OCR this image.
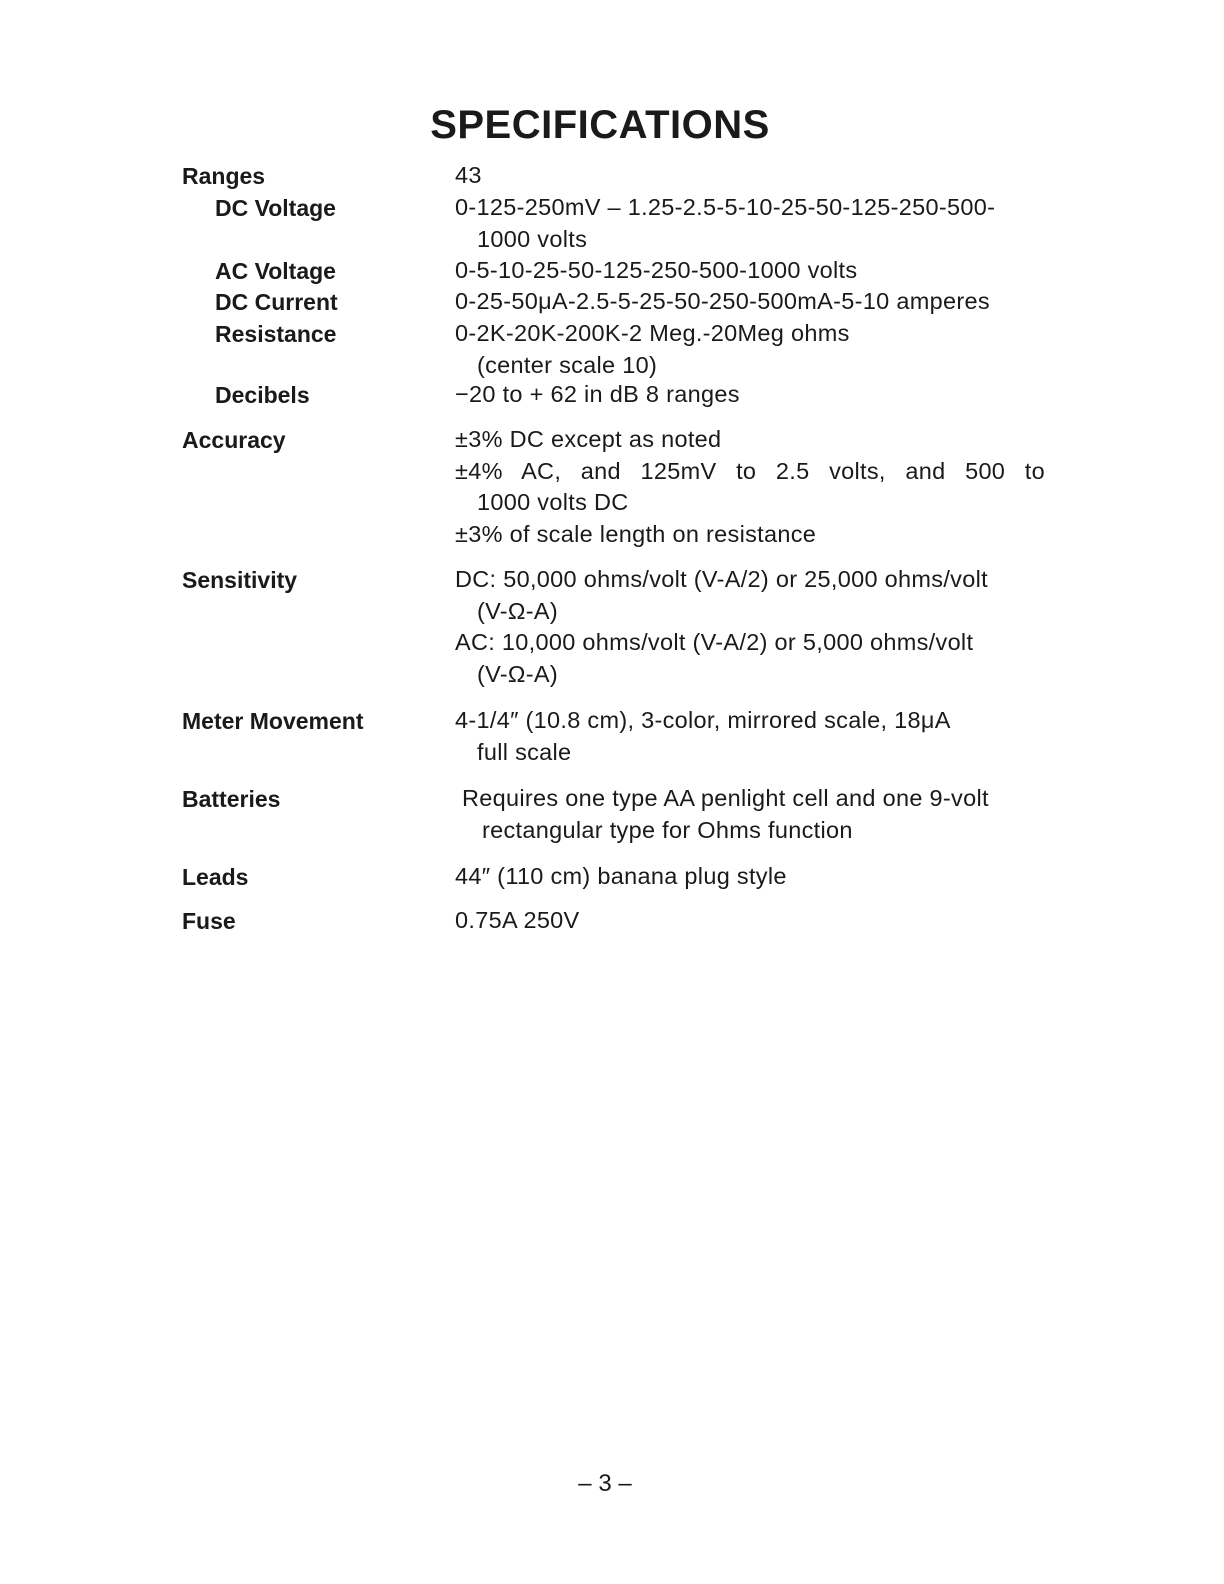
SPECIFICATIONS
Ranges	43
DC Voltage	0-125-250mV – 1.25-2.5-5-10-25-50-125-250-500-
1000 volts
AC Voltage	0-5-10-25-50-125-250-500-1000 volts
DC Current	0-25-50μA-2.5-5-25-50-250-500mA-5-10 amperes
Resistance	0-2K-20K-200K-2 Meg.-20Meg ohms
(center scale 10)
Decibels	−20 to + 62 in dB 8 ranges
Accuracy	±3% DC except as noted
±4% AC, and 125mV to 2.5 volts, and 500 to
1000 volts DC
±3% of scale length on resistance
Sensitivity	DC: 50,000 ohms/volt (V-A/2) or 25,000 ohms/volt
(V-Ω-A)
AC: 10,000 ohms/volt (V-A/2) or 5,000 ohms/volt
(V-Ω-A)
Meter Movement	4-1/4″ (10.8 cm), 3-color, mirrored scale, 18μA
full scale
Batteries	Requires one type AA penlight cell and one 9-volt
rectangular type for Ohms function
Leads	44″ (110 cm) banana plug style
Fuse	0.75A 250V
– 3 –
